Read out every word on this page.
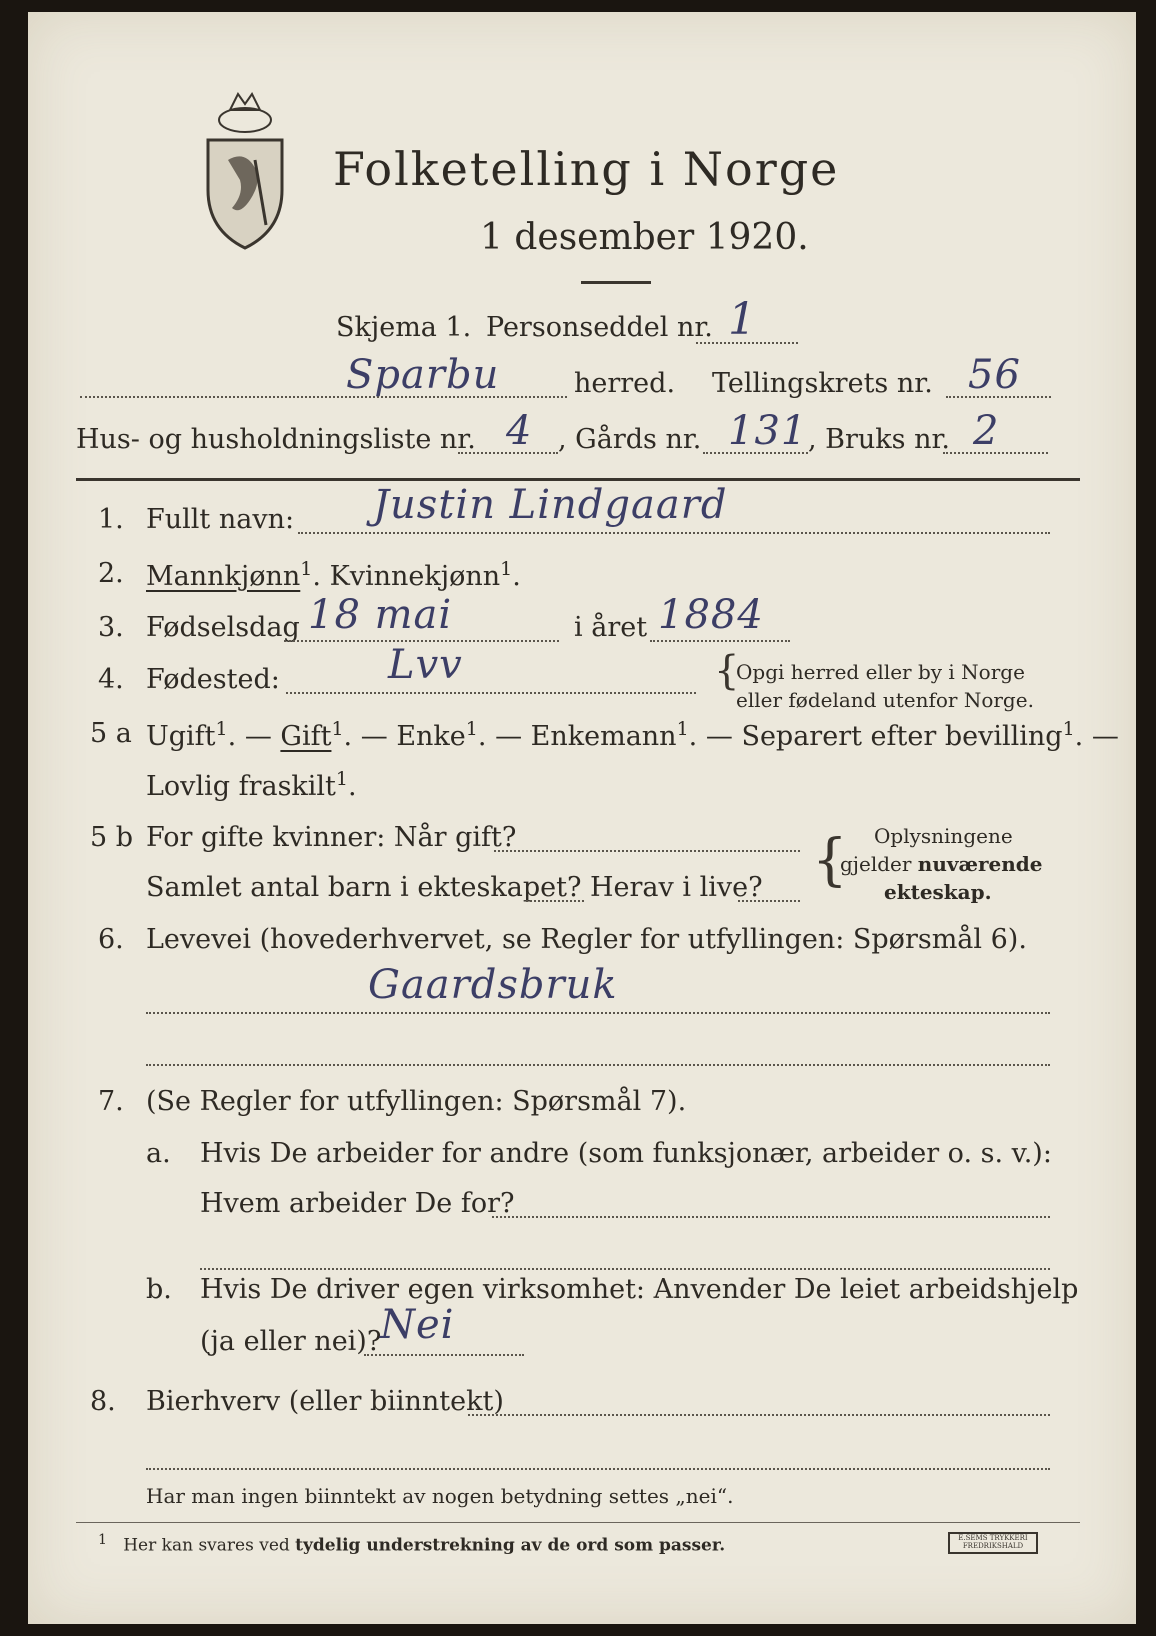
Folketelling i Norge
1 desember 1920.
Skjema 1. Personseddel nr. 1
Sparbu	herred. Tellingskrets nr. 56
Hus- og husholdningsliste nr. 4 , Gårds nr. 131 , Bruks nr. 2
1. Fullt navn: Justin Lindgaard
2. Mannkjønn$^1$. Kvinnekjønn$^1$.
3. Fødselsdag 18 mai	i året 1884
4. Fødested:	Lvv	{
Opgi herred eller by i Norge
eller fødeland utenfor Norge.
5 a Ugift$^1$. — Gift$^1$. — Enke$^1$. — Enkemann$^1$. — Separert efter bevilling$^1$. —
Lovlig fraskilt$^1$.
5 b For gifte kvinner: Når gift?
Samlet antal barn i ekteskapet? Herav i live? { Oplysningene
gjelder nuværende
ekteskap.
6. Levevei (hovederhvervet, se Regler for utfyllingen: Spørsmål 6).
Gaardsbruk
7. (Se Regler for utfyllingen: Spørsmål 7).
a. Hvis De arbeider for andre (som funksjonær, arbeider o. s. v.):
Hvem arbeider De for?
b. Hvis De driver egen virksomhet: Anvender De leiet arbeidshjelp
(ja eller nei)?
Nei
8. Bierhverv (eller biinntekt)
Har man ingen biinntekt av nogen betydning settes „nei“.
$^1$ Her kan svares ved tydelig understrekning av de ord som passer.	E.SEMS TRYKKERI FREDRIKSHALD
